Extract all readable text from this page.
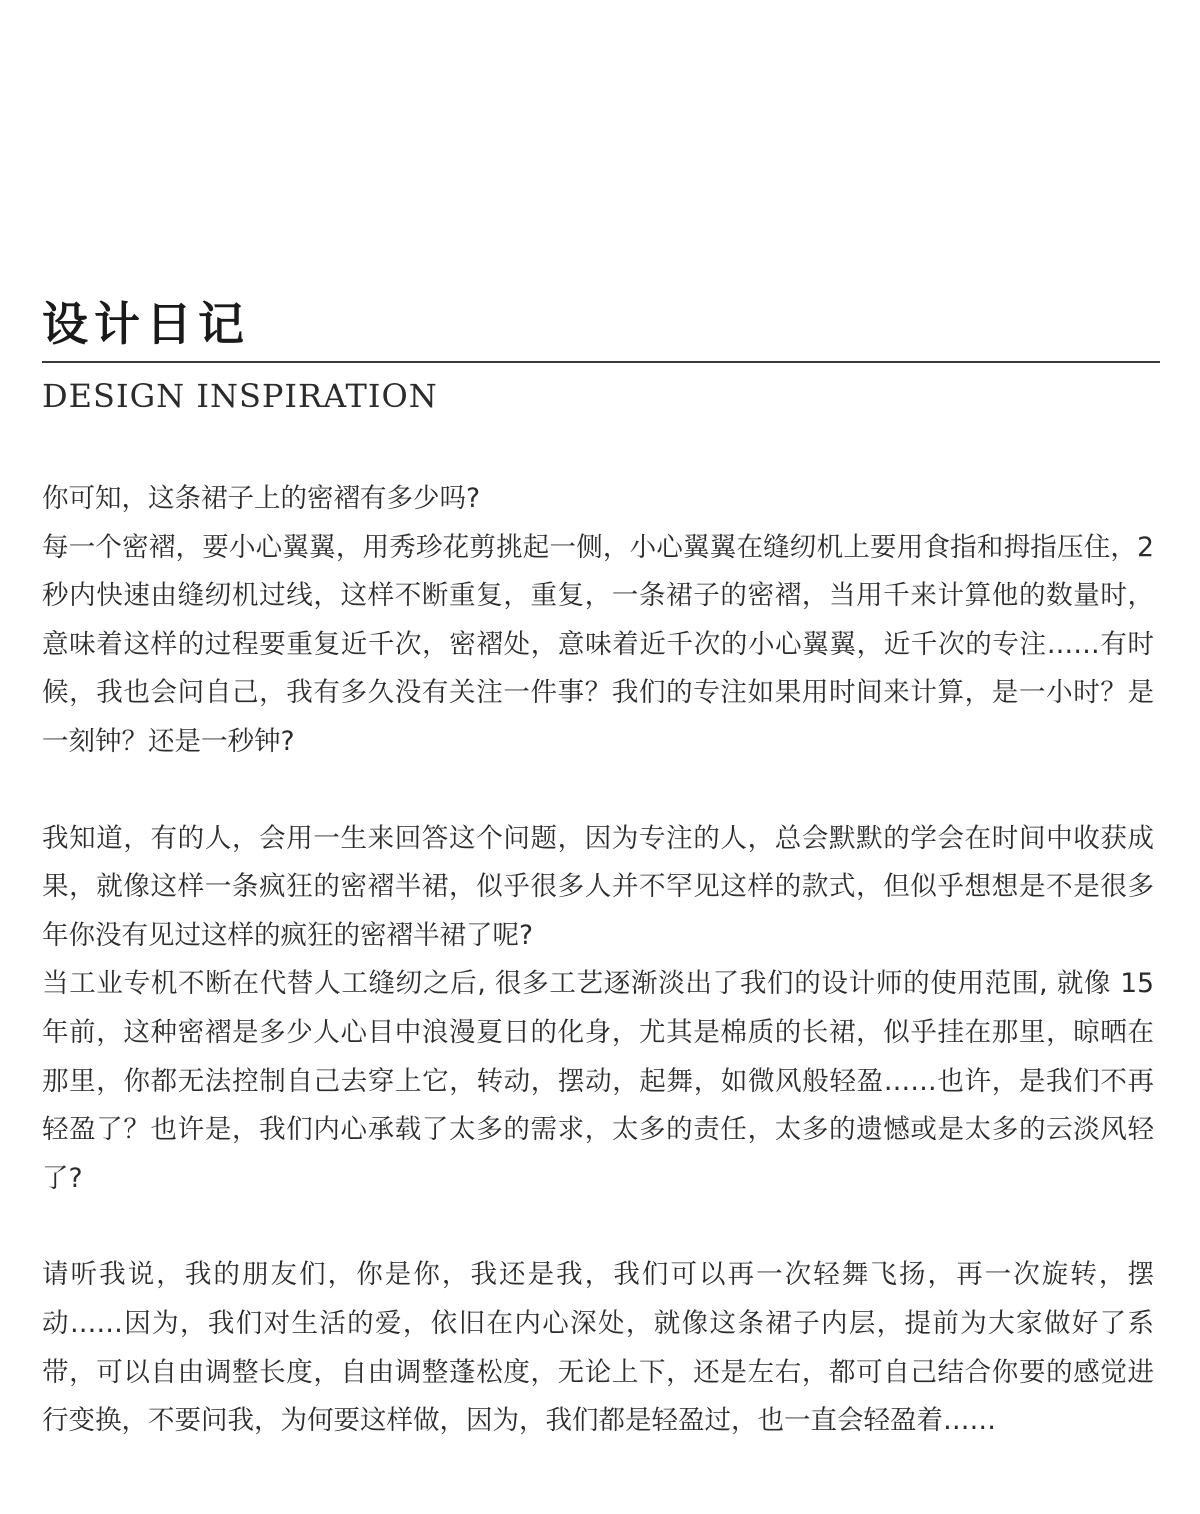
设计日记
DESIGN INSPIRATION

你可知，这条裙子上的密褶有多少吗?

每一个密褶，要小心翼翼，用秀珍花剪挑起一侧，小心翼翼在缝纫机上要用食指和拇指压住，2 秒内快速由缝纫机过线，这样不断重复，重复，一条裙子的密褶，当用千来计算他的数量时，意味着这样的过程要重复近千次，密褶处，意味着近千次的小心翼翼，近千次的专注……有时候，我也会问自己，我有多久没有关注一件事？我们的专注如果用时间来计算，是一小时？是一刻钟？还是一秒钟?

我知道，有的人，会用一生来回答这个问题，因为专注的人，总会默默的学会在时间中收获成果，就像这样一条疯狂的密褶半裙，似乎很多人并不罕见这样的款式，但似乎想想是不是很多年你没有见过这样的疯狂的密褶半裙了呢?

当工业专机不断在代替人工缝纫之后, 很多工艺逐渐淡出了我们的设计师的使用范围, 就像 15 年前，这种密褶是多少人心目中浪漫夏日的化身，尤其是棉质的长裙，似乎挂在那里，晾晒在那里，你都无法控制自己去穿上它，转动，摆动，起舞，如微风般轻盈……也许，是我们不再轻盈了？也许是，我们内心承载了太多的需求，太多的责任，太多的遗憾或是太多的云淡风轻了?

请听我说，我的朋友们，你是你，我还是我，我们可以再一次轻舞飞扬，再一次旋转，摆动……因为，我们对生活的爱，依旧在内心深处，就像这条裙子内层，提前为大家做好了系带，可以自由调整长度，自由调整蓬松度，无论上下，还是左右，都可自己结合你要的感觉进行变换，不要问我，为何要这样做，因为，我们都是轻盈过，也一直会轻盈着……
